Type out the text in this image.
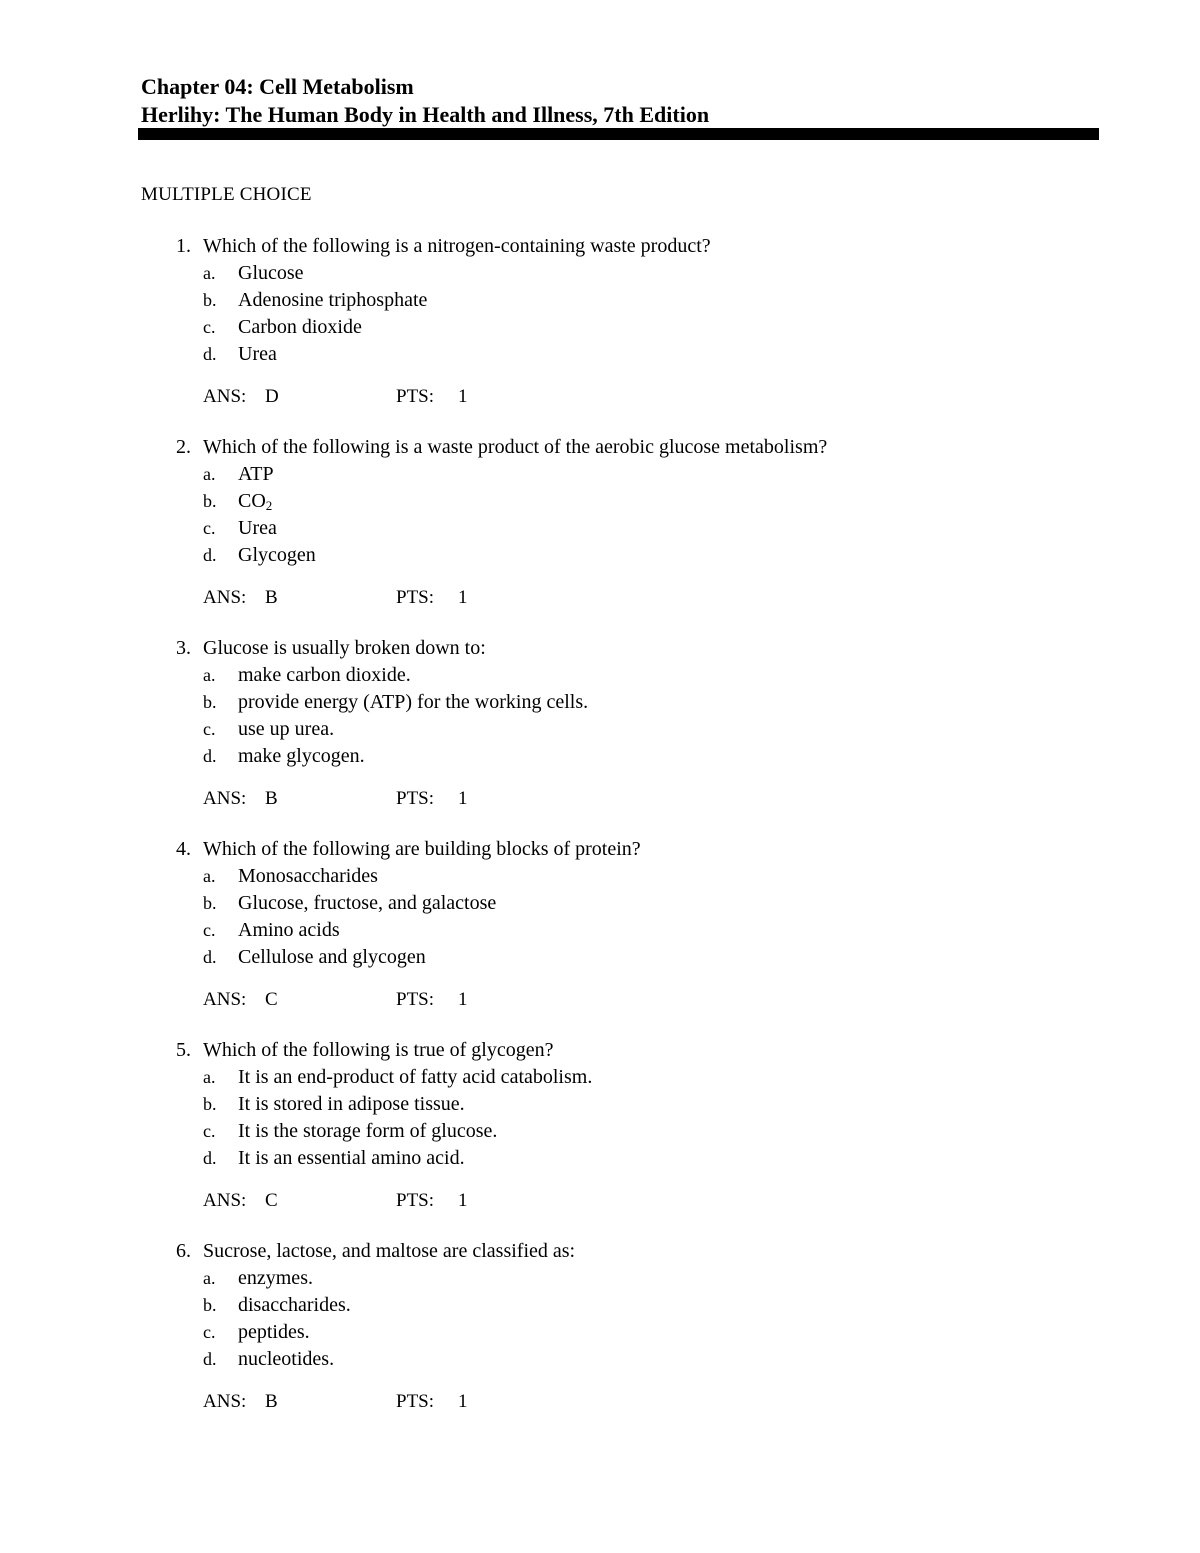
Chapter 04: Cell Metabolism
Herlihy: The Human Body in Health and Illness, 7th Edition
MULTIPLE CHOICE
1. Which of the following is a nitrogen-containing waste product?
a. Glucose
b. Adenosine triphosphate
c. Carbon dioxide
d. Urea
ANS: D	PTS: 1
2. Which of the following is a waste product of the aerobic glucose metabolism?
a. ATP
b. $CO_2$
c. Urea
d. Glycogen
ANS: B	PTS: 1
3. Glucose is usually broken down to:
a. make carbon dioxide.
b. provide energy (ATP) for the working cells.
c. use up urea.
d. make glycogen.
ANS: B	PTS: 1
4. Which of the following are building blocks of protein?
a. Monosaccharides
b. Glucose, fructose, and galactose
c. Amino acids
d. Cellulose and glycogen
ANS: C	PTS: 1
5. Which of the following is true of glycogen?
a. It is an end-product of fatty acid catabolism.
b. It is stored in adipose tissue.
c. It is the storage form of glucose.
d. It is an essential amino acid.
ANS: C	PTS: 1
6. Sucrose, lactose, and maltose are classified as:
a. enzymes.
b. disaccharides.
c. peptides.
d. nucleotides.
ANS: B	PTS: 1
